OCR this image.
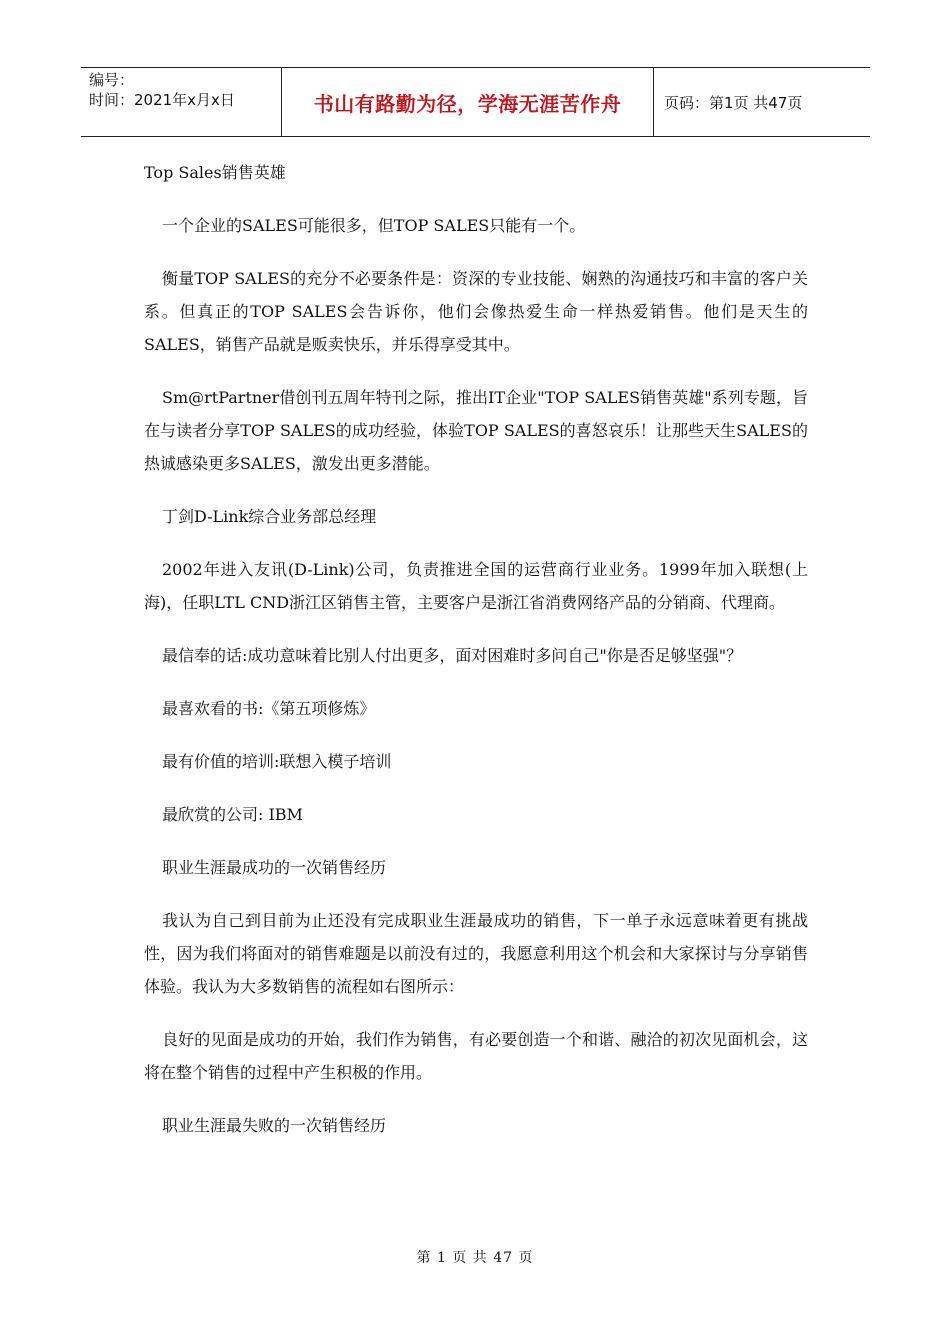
编号：
时间：2021年x月x日	书山有路勤为径，学海无涯苦作舟	页码：第1页 共47页

Top Sales销售英雄

一个企业的SALES可能很多，但TOP SALES只能有一个。

衡量TOP SALES的充分不必要条件是：资深的专业技能、娴熟的沟通技巧和丰富的客户关系。但真正的TOP SALES会告诉你，他们会像热爱生命一样热爱销售。他们是天生的SALES，销售产品就是贩卖快乐，并乐得享受其中。

Sm@rtPartner借创刊五周年特刊之际，推出IT企业"TOP SALES销售英雄"系列专题，旨在与读者分享TOP SALES的成功经验，体验TOP SALES的喜怒哀乐！让那些天生SALES的热诚感染更多SALES，激发出更多潜能。

丁剑D-Link综合业务部总经理

2002年进入友讯(D-Link)公司，负责推进全国的运营商行业业务。1999年加入联想(上海)，任职LTL CND浙江区销售主管，主要客户是浙江省消费网络产品的分销商、代理商。

最信奉的话:成功意味着比别人付出更多，面对困难时多问自己"你是否足够坚强"？

最喜欢看的书:《第五项修炼》

最有价值的培训:联想入模子培训

最欣赏的公司: IBM

职业生涯最成功的一次销售经历

我认为自己到目前为止还没有完成职业生涯最成功的销售，下一单子永远意味着更有挑战性，因为我们将面对的销售难题是以前没有过的，我愿意利用这个机会和大家探讨与分享销售体验。我认为大多数销售的流程如右图所示：

良好的见面是成功的开始，我们作为销售，有必要创造一个和谐、融洽的初次见面机会，这将在整个销售的过程中产生积极的作用。

职业生涯最失败的一次销售经历

第 1 页 共 47 页
